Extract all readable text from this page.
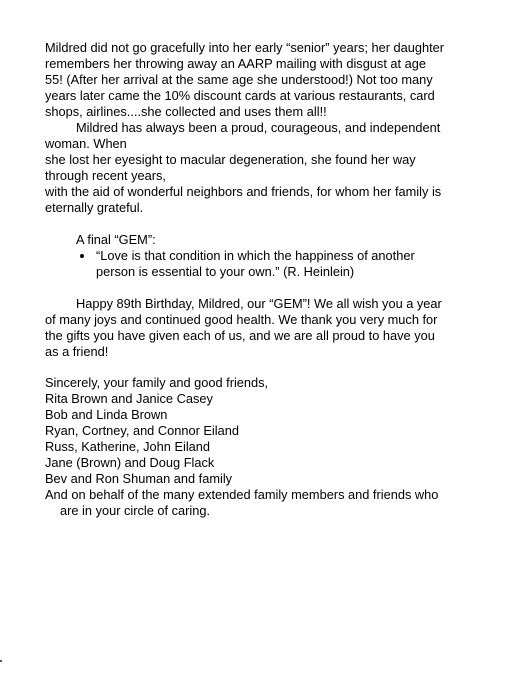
Mildred did not go gracefully into her early “senior” years; her daughter
remembers her throwing away an AARP mailing with disgust at age
55! (After her arrival at the same age she understood!) Not too many
years later came the 10% discount cards at various restaurants, card
shops, airlines....she collected and uses them all!!
Mildred has always been a proud, courageous, and independent
woman. When
she lost her eyesight to macular degeneration, she found her way
through recent years,
with the aid of wonderful neighbors and friends, for whom her family is
eternally grateful.
A final “GEM”:
“Love is that condition in which the happiness of another
person is essential to your own.” (R. Heinlein)
Happy 89th Birthday, Mildred, our “GEM”! We all wish you a year
of many joys and continued good health. We thank you very much for
the gifts you have given each of us, and we are all proud to have you
as a friend!
Sincerely, your family and good friends,
Rita Brown and Janice Casey
Bob and Linda Brown
Ryan, Cortney, and Connor Eiland
Russ, Katherine, John Eiland
Jane (Brown) and Doug Flack
Bev and Ron Shuman and family
And on behalf of the many extended family members and friends who
are in your circle of caring.
